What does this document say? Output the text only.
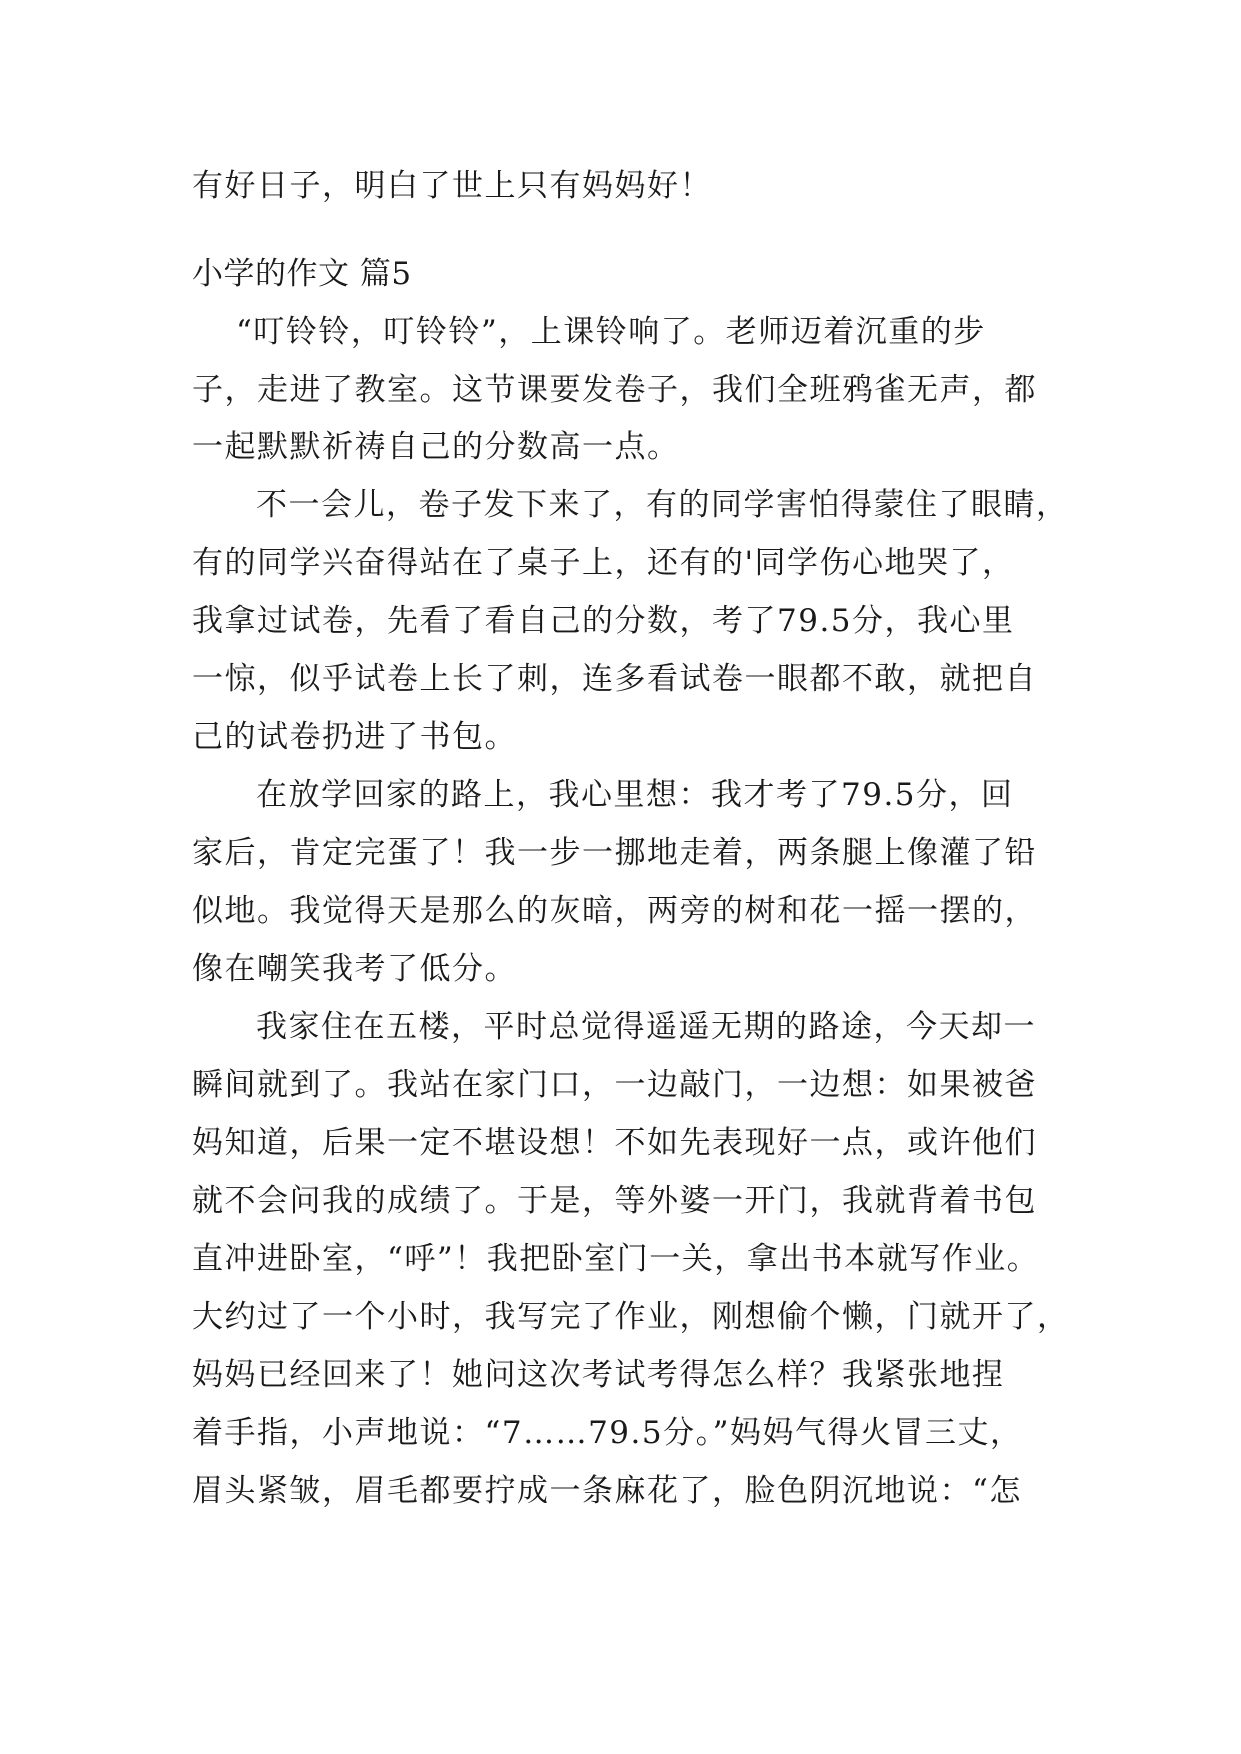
有好日子，明白了世上只有妈妈好！
小学的作文 篇5
“叮铃铃，叮铃铃”，上课铃响了。老师迈着沉重的步
子，走进了教室。这节课要发卷子，我们全班鸦雀无声，都
一起默默祈祷自己的分数高一点。
不一会儿，卷子发下来了，有的同学害怕得蒙住了眼睛，
有的同学兴奋得站在了桌子上，还有的'同学伤心地哭了，
我拿过试卷，先看了看自己的分数，考了79.5分，我心里
一惊，似乎试卷上长了刺，连多看试卷一眼都不敢，就把自
己的试卷扔进了书包。
在放学回家的路上，我心里想：我才考了79.5分，回
家后，肯定完蛋了！我一步一挪地走着，两条腿上像灌了铅
似地。我觉得天是那么的灰暗，两旁的树和花一摇一摆的，
像在嘲笑我考了低分。
我家住在五楼，平时总觉得遥遥无期的路途，今天却一
瞬间就到了。我站在家门口，一边敲门，一边想：如果被爸
妈知道，后果一定不堪设想！不如先表现好一点，或许他们
就不会问我的成绩了。于是，等外婆一开门，我就背着书包
直冲进卧室，“呼”！我把卧室门一关，拿出书本就写作业。
大约过了一个小时，我写完了作业，刚想偷个懒，门就开了，
妈妈已经回来了！她问这次考试考得怎么样？我紧张地捏
着手指，小声地说：“7……79.5分。”妈妈气得火冒三丈，
眉头紧皱，眉毛都要拧成一条麻花了，脸色阴沉地说：“怎
